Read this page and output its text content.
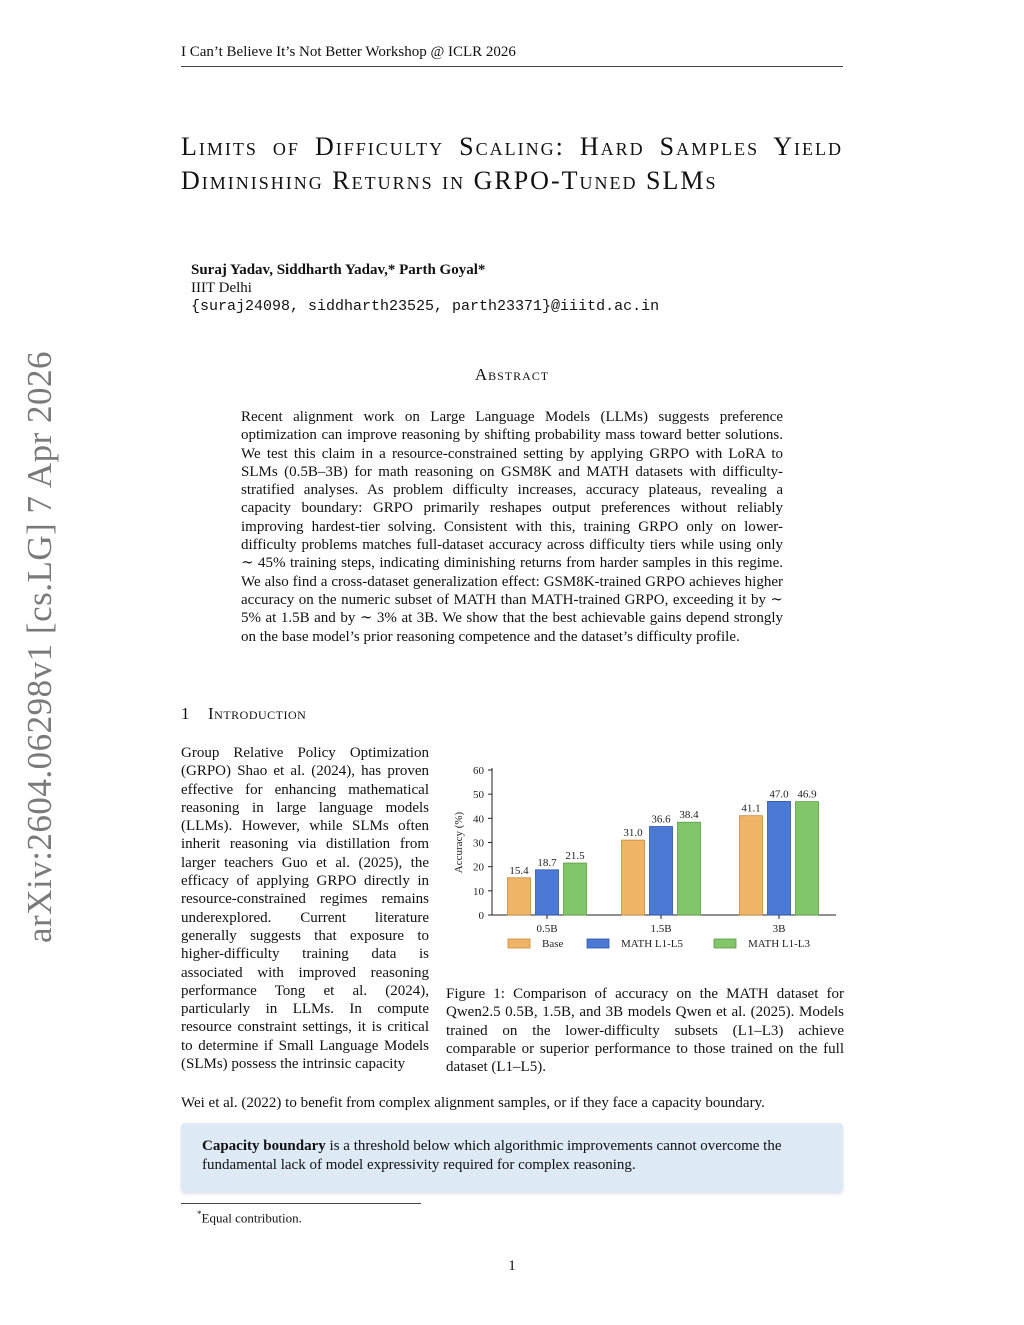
I Can’t Believe It’s Not Better Workshop @ ICLR 2026
arXiv:2604.06298v1 [cs.LG] 7 Apr 2026
Limits of Difficulty Scaling: Hard Samples Yield Diminishing Returns in GRPO-Tuned SLMs
Suraj Yadav, Siddharth Yadav,* Parth Goyal*
IIIT Delhi
{suraj24098, siddharth23525, parth23371}@iiitd.ac.in
Abstract
Recent alignment work on Large Language Models (LLMs) suggests preference optimization can improve reasoning by shifting probability mass toward better solutions. We test this claim in a resource-constrained setting by applying GRPO with LoRA to SLMs (0.5B–3B) for math reasoning on GSM8K and MATH datasets with difficulty-stratified analyses. As problem difficulty increases, accuracy plateaus, revealing a capacity boundary: GRPO primarily reshapes output preferences without reliably improving hardest-tier solving. Consistent with this, training GRPO only on lower-difficulty problems matches full-dataset accuracy across difficulty tiers while using only ∼ 45% training steps, indicating diminishing returns from harder samples in this regime. We also find a cross-dataset generalization effect: GSM8K-trained GRPO achieves higher accuracy on the numeric subset of MATH than MATH-trained GRPO, exceeding it by ∼ 5% at 1.5B and by ∼ 3% at 3B. We show that the best achievable gains depend strongly on the base model’s prior reasoning competence and the dataset’s difficulty profile.
1 Introduction
Group Relative Policy Optimization (GRPO) Shao et al. (2024), has proven effective for enhancing mathematical reasoning in large language models (LLMs). However, while SLMs often inherit reasoning via distillation from larger teachers Guo et al. (2025), the efficacy of applying GRPO directly in resource-constrained regimes remains underexplored. Current literature generally suggests that exposure to higher-difficulty training data is associated with improved reasoning performance Tong et al. (2024), particularly in LLMs. In compute resource constraint settings, it is critical to determine if Small Language Models (SLMs) possess the intrinsic capacity
0
10
20
30
40
50
60
Accuracy (%)	15.4
18.7
21.5
0.5B
31.0
36.6 38.4
1.5B
41.1
47.0 46.9
3B
Base	MATH L1-L5	MATH L1-L3
Figure 1: Comparison of accuracy on the MATH dataset for Qwen2.5 0.5B, 1.5B, and 3B models Qwen et al. (2025). Models trained on the lower-difficulty subsets (L1–L3) achieve comparable or superior performance to those trained on the full dataset (L1–L5).
Wei et al. (2022) to benefit from complex alignment samples, or if they face a capacity boundary.
Capacity boundary is a threshold below which algorithmic improvements cannot overcome the fundamental lack of model expressivity required for complex reasoning.
*Equal contribution.
1
